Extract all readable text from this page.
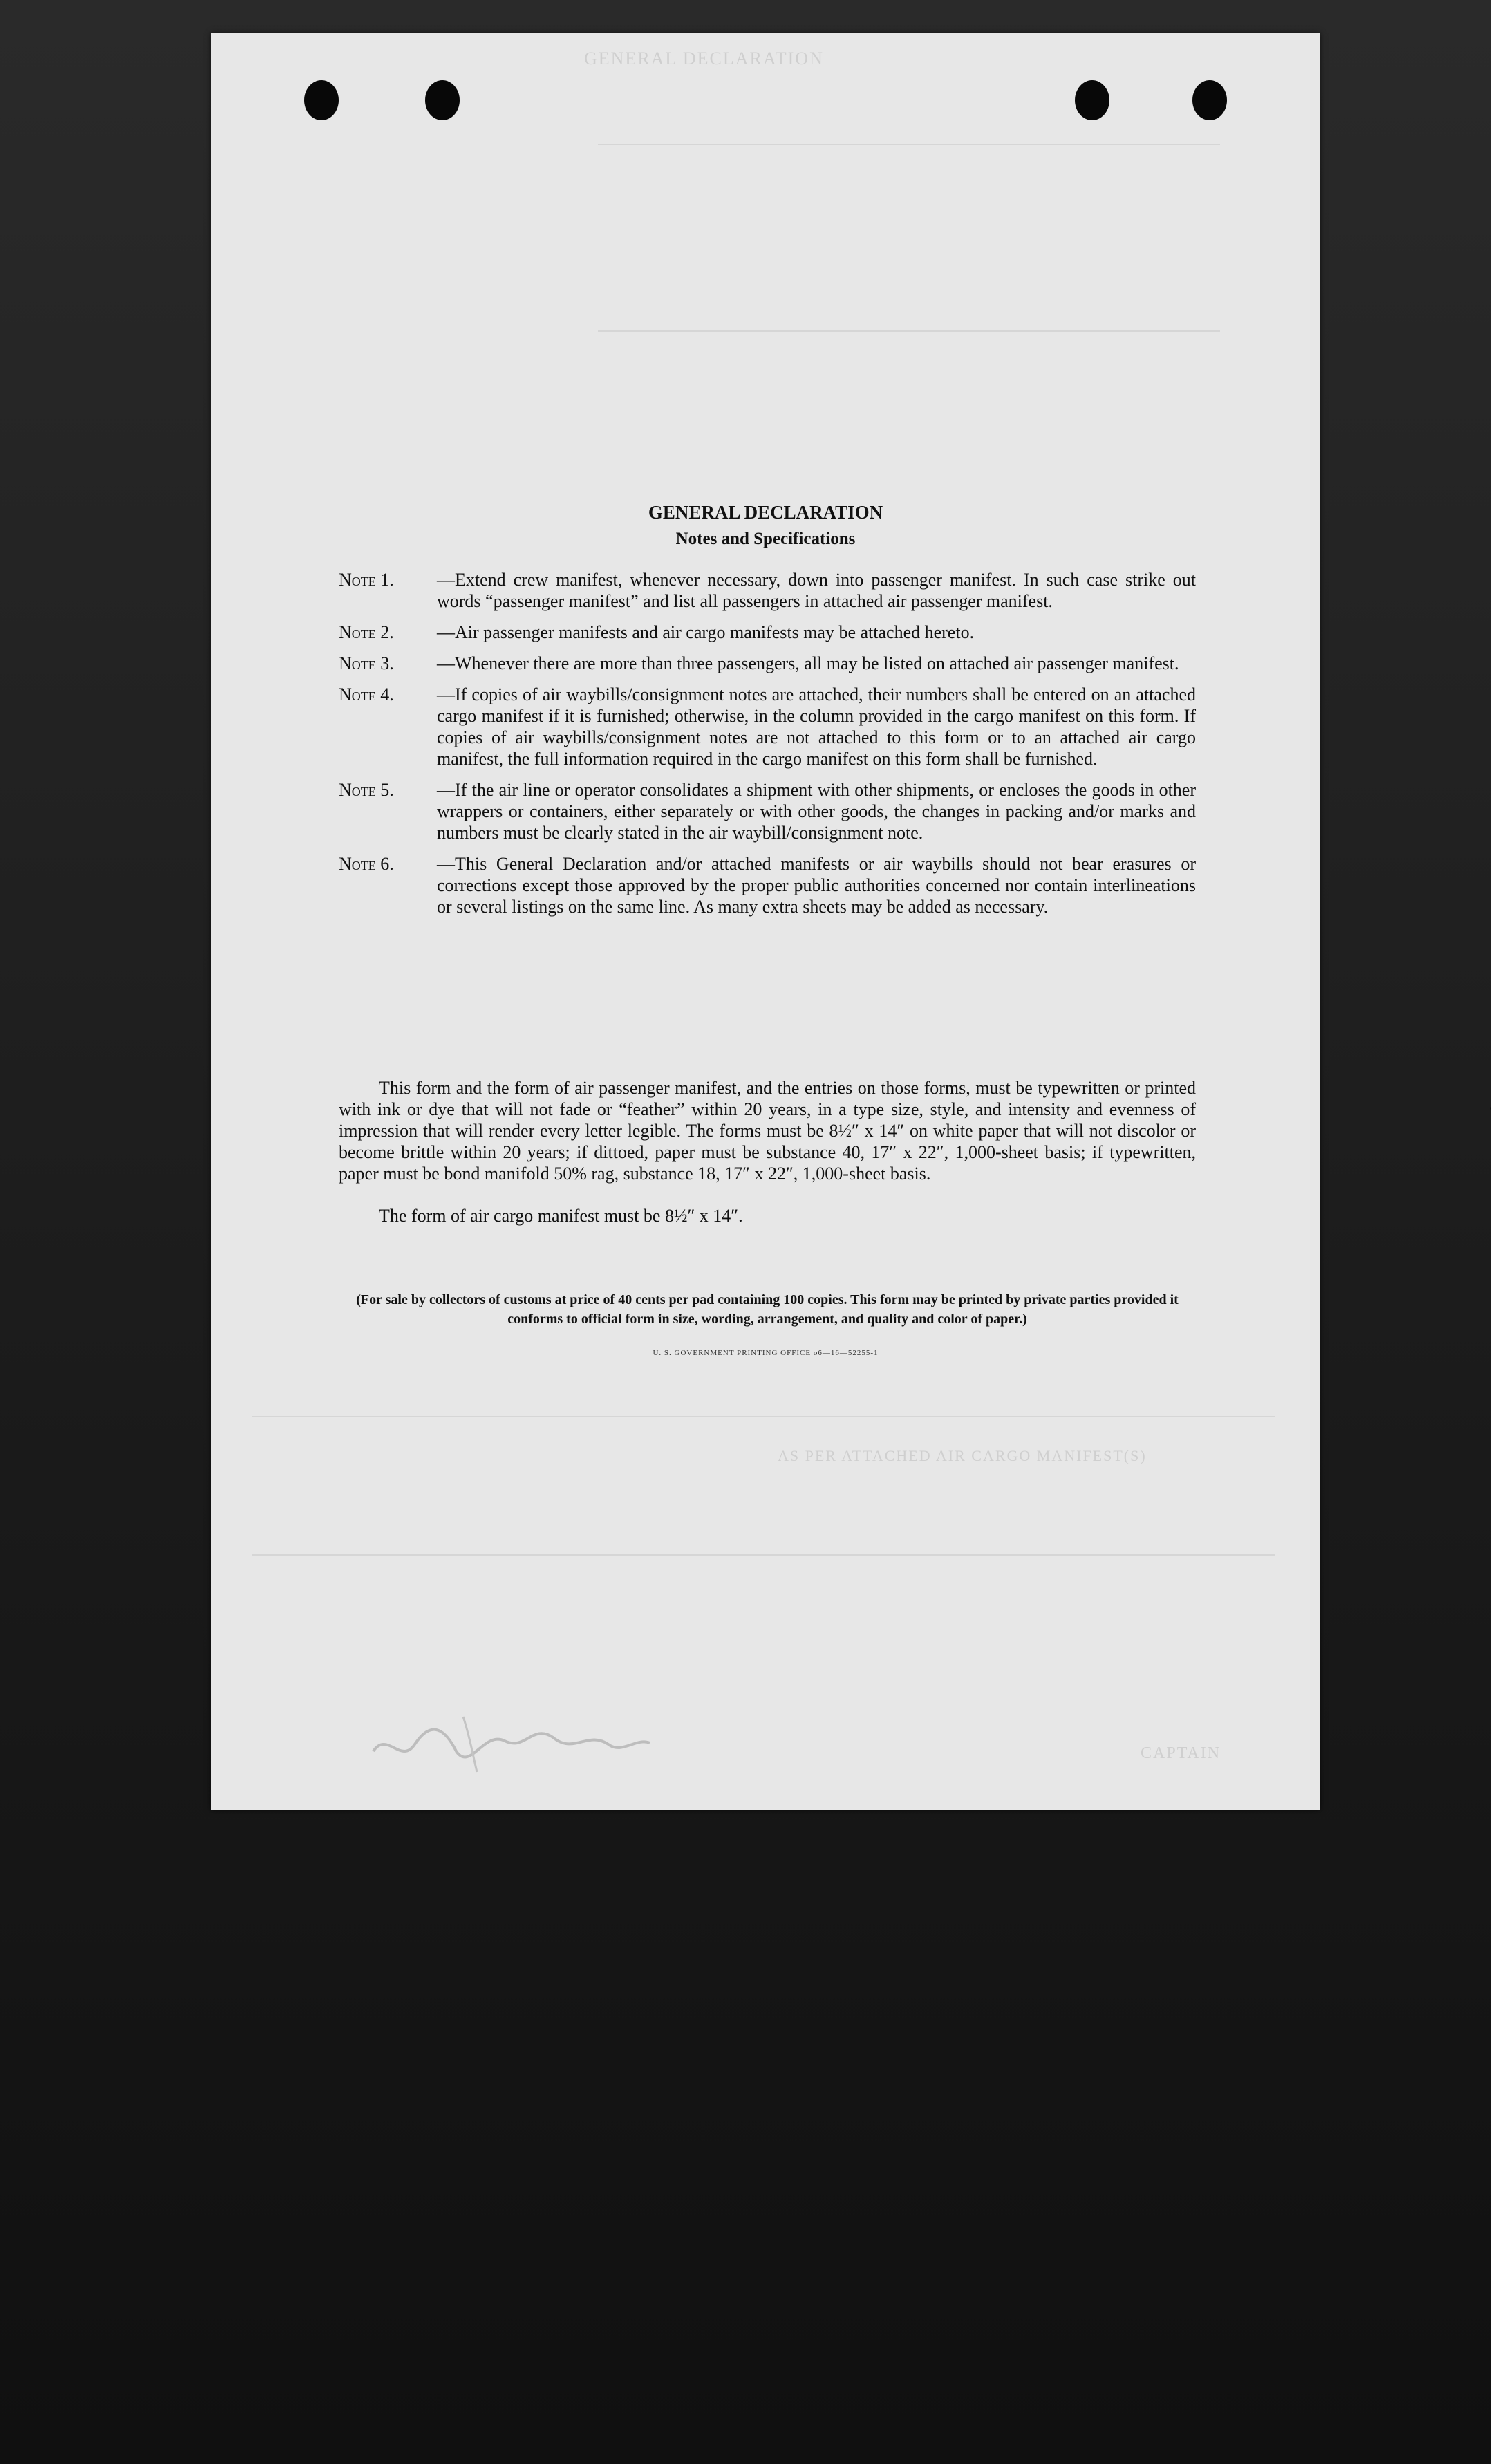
GENERAL DECLARATION
AS PER ATTACHED AIR CARGO MANIFEST(S)
CAPTAIN
GENERAL DECLARATION
Notes and Specifications
Note 1.	—Extend crew manifest, whenever necessary, down into passenger manifest. In such case strike out words “passenger manifest” and list all passengers in attached air passenger manifest.
Note 2.	—Air passenger manifests and air cargo manifests may be attached hereto.
Note 3.	—Whenever there are more than three passengers, all may be listed on attached air passenger manifest.
Note 4.	—If copies of air waybills/consignment notes are attached, their numbers shall be entered on an attached cargo manifest if it is furnished; otherwise, in the column provided in the cargo manifest on this form. If copies of air waybills/consignment notes are not attached to this form or to an attached air cargo manifest, the full information required in the cargo manifest on this form shall be furnished.
Note 5.	—If the air line or operator consolidates a shipment with other shipments, or encloses the goods in other wrappers or containers, either separately or with other goods, the changes in packing and/or marks and numbers must be clearly stated in the air waybill/consignment note.
Note 6.	—This General Declaration and/or attached manifests or air waybills should not bear erasures or corrections except those approved by the proper public authorities concerned nor contain interlineations or several listings on the same line. As many extra sheets may be added as necessary.
This form and the form of air passenger manifest, and the entries on those forms, must be typewritten or printed with ink or dye that will not fade or “feather” within 20 years, in a type size, style, and intensity and evenness of impression that will render every letter legible. The forms must be 8½″ x 14″ on white paper that will not discolor or become brittle within 20 years; if dittoed, paper must be substance 40, 17″ x 22″, 1,000-sheet basis; if typewritten, paper must be bond manifold 50% rag, substance 18, 17″ x 22″, 1,000-sheet basis.
The form of air cargo manifest must be 8½″ x 14″.
(For sale by collectors of customs at price of 40 cents per pad containing 100 copies. This form may be printed by private parties provided it conforms to official form in size, wording, arrangement, and quality and color of paper.)
U. S. GOVERNMENT PRINTING OFFICE o6—16—52255-1
